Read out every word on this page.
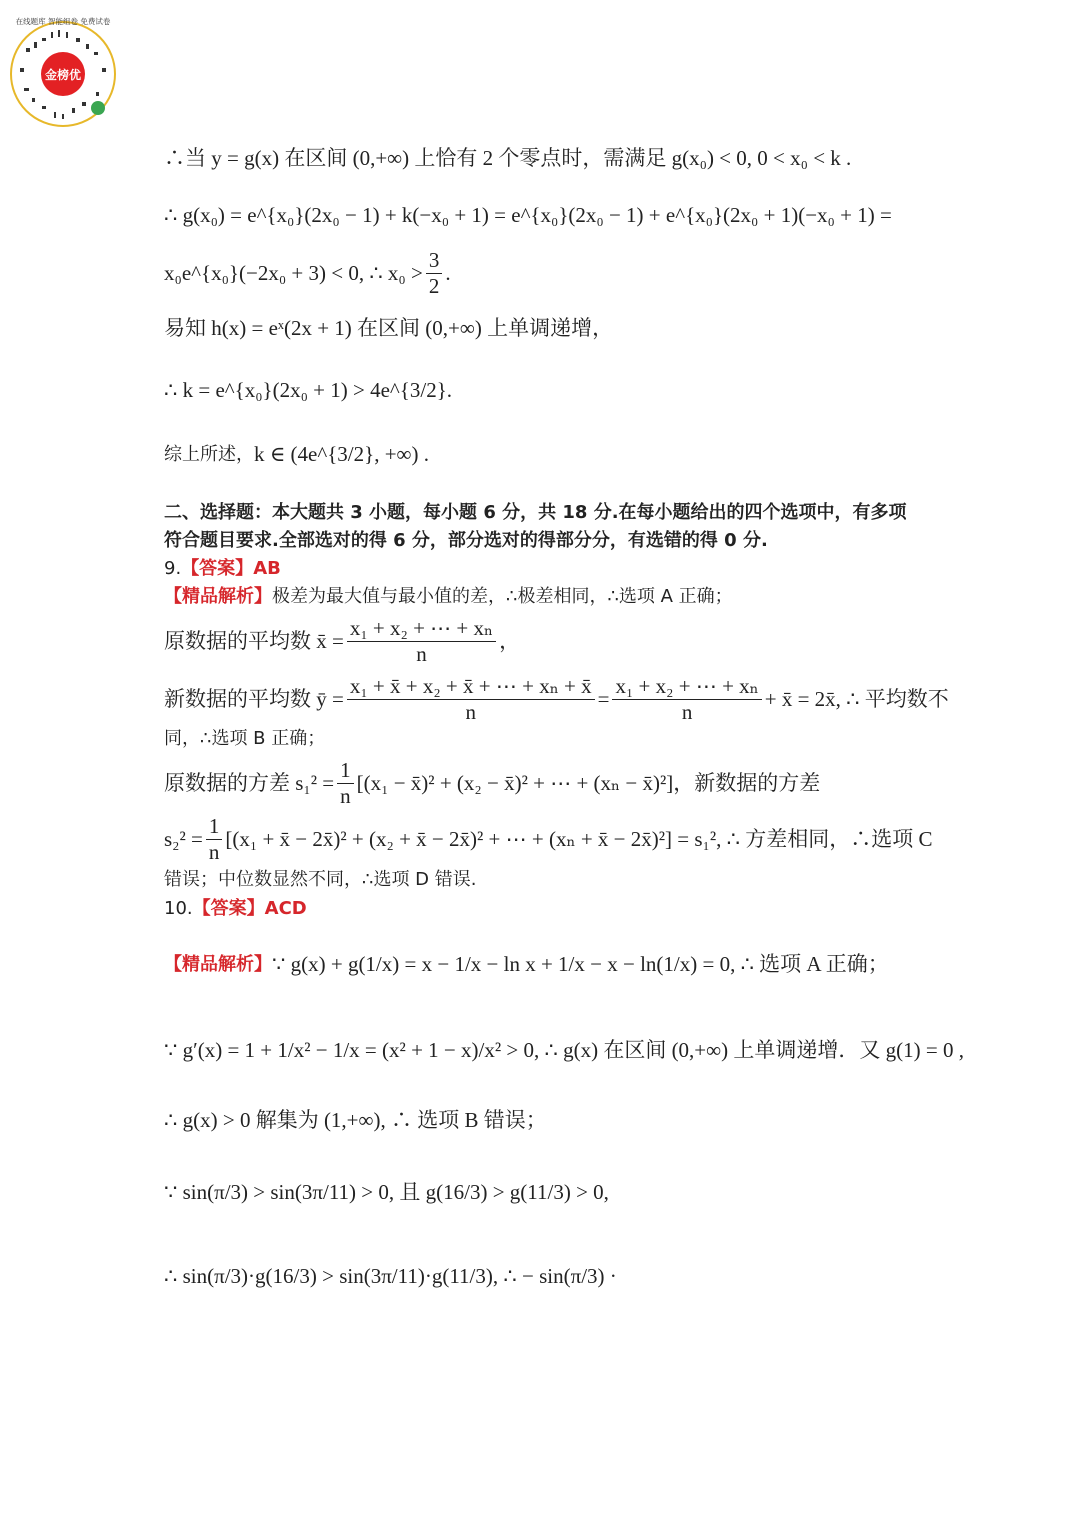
金榜优
在线题库 智能组卷 免费试卷
∴当 y = g(x) 在区间 (0,+∞) 上恰有 2 个零点时，需满足 g(x₀) < 0, 0 < x₀ < k .
∴ g(x₀) = e^{x₀}(2x₀ − 1) + k(−x₀ + 1) = e^{x₀}(2x₀ − 1) + e^{x₀}(2x₀ + 1)(−x₀ + 1) =
x₀e^{x₀}(−2x₀ + 3) < 0, ∴ $x_0 > \frac{3}{2}$ .
易知 h(x) = eˣ(2x + 1) 在区间 (0,+∞) 上单调递增，
∴ k = e^{x₀}(2x₀ + 1) > 4e^{3/2}.
综上所述， k ∈ (4e^{3/2}, +∞) .
二、选择题：本大题共 3 小题，每小题 6 分，共 18 分.在每小题给出的四个选项中，有多项
符合题目要求.全部选对的得 6 分，部分选对的得部分分，有选错的得 0 分.
9. 【答案】 AB
【精品解析】 极差为最大值与最小值的差，∴极差相同，∴选项 A 正确；
原数据的平均数 x̄ = $\frac{\text{x₁ + x₂ + ⋯ + xₙ}}{n}$ ，
新数据的平均数 ȳ = $\frac{\text{x₁ + x̄ + x₂ + x̄ + ⋯ + xₙ + x̄}}{n} = \frac{\text{x₁ + x₂ + ⋯ + xₙ}}{n}$ + x̄ = 2x̄, ∴ 平均数不
同，∴选项 B 正确；
原数据的方差 $s_1^2 = \frac{1}{n} [(x_1$ − x̄)² + (x₂ − x̄)² + ⋯ + (xₙ − x̄)²] ，新数据的方差
$s_2^2 = \frac{1}{n} [(x_1$ + x̄ − 2x̄)² + (x₂ + x̄ − 2x̄)² + ⋯ + (xₙ + x̄ − 2x̄)²] = s₁², ∴ 方差相同，∴选项 C
错误；中位数显然不同，∴选项 D 错误.
10. 【答案】 ACD
【精品解析】 ∵ g(x) + g(1/x) = x − 1/x − ln x + 1/x − x − ln(1/x) = 0, ∴ 选项 A 正确；
∵ g′(x) = 1 + 1/x² − 1/x = (x² + 1 − x)/x² > 0, ∴ g(x) 在区间 (0,+∞) 上单调递增．又 g(1) = 0 ,
∴ g(x) > 0 解集为 (1,+∞), ∴ 选项 B 错误；
∵ sin(π/3) > sin(3π/11) > 0, 且 g(16/3) > g(11/3) > 0,
∴ sin(π/3)·g(16/3) > sin(3π/11)·g(11/3), ∴ − sin(π/3) ·
